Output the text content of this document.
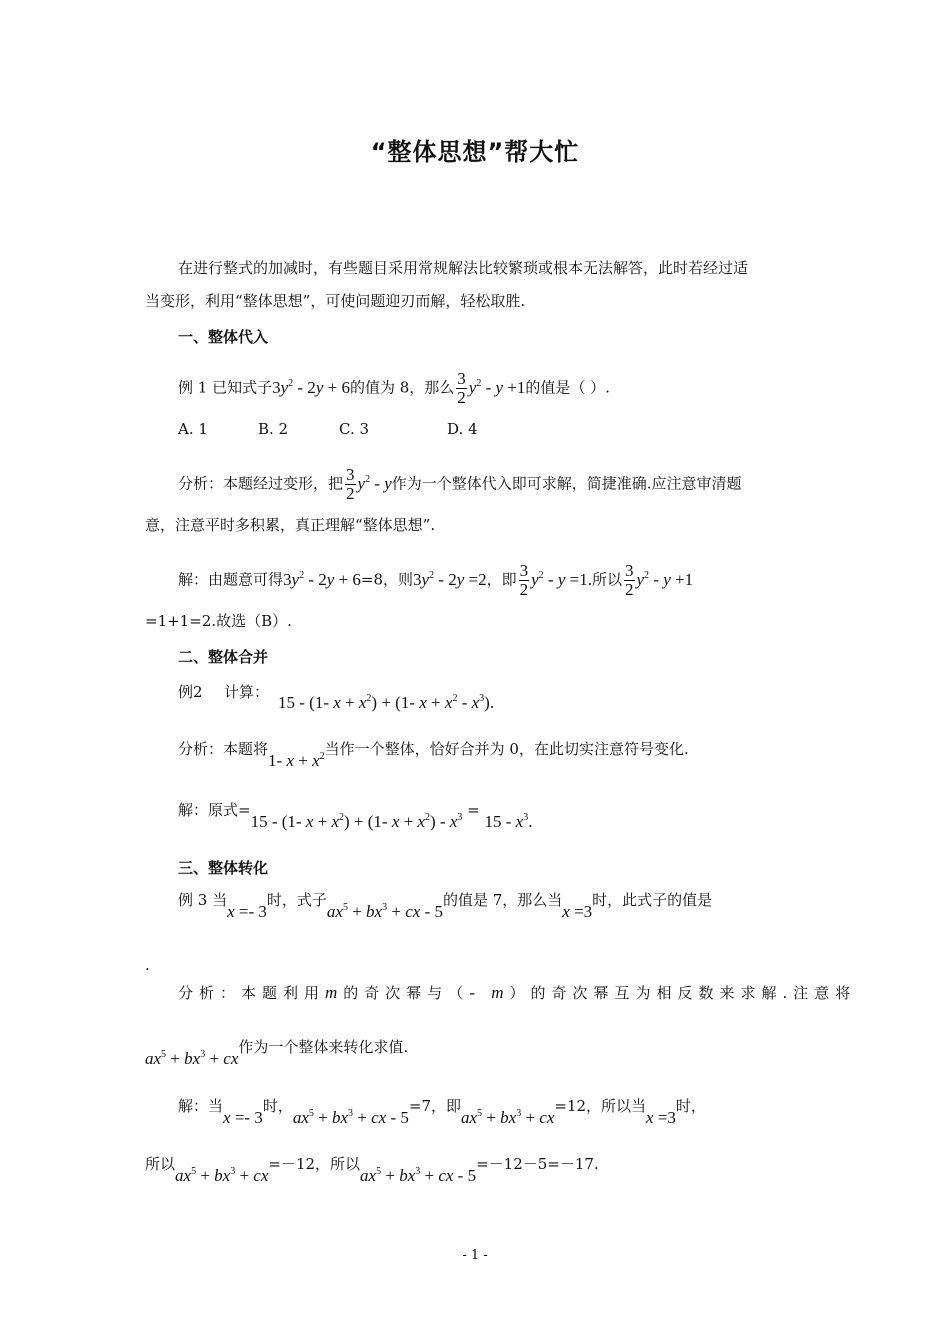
“整体思想”帮大忙
在进行整式的加减时，有些题目采用常规解法比较繁琐或根本无法解答，此时若经过适
当变形，利用“整体思想”，可使问题迎刃而解，轻松取胜.
一、整体代入
例 1 已知式子$3y^2 - 2y + 6$的值为 8，那么 $\frac{3}{2} y^2 - y +1$的值是（ ）.
A. 1	B. 2	C. 3	D. 4
分析：本题经过变形，把 $\frac{3}{2} y^2$ - y作为一个整体代入即可求解，简捷准确.应注意审清题
意，注意平时多积累，真正理解“整体思想”.
解：由题意可得$3y^2 - 2y + 6=8$，则$3y^2 - 2y =2$，即 $\frac{3}{2} y^2 - y =1$.所以 $\frac{3}{2} y^2 - y +1$
=1+1=2.故选（B）.
二、整体合并
例2 计算：
15 - (1- $x + x^2) + (1-$ $x + x^2 - x^3$).
分析：本题将1- $x + x^2$当作一个整体，恰好合并为 0，在此切实注意符号变化.
解：原式=15 - (1- $x + x^2) + (1-$ $x + x^2) - x^3 = 15 - x^3$.
三、整体转化
例 3 当x =- 3时，式子$ax^5 + bx^3$ + cx - 5的值是 7，那么当x =3时，此式子的值是
.
分析：本题利用m的奇次幂与（- m）的奇次幂互为相反数来求解.注意将
$ax^5 + bx^3$ + cx作为一个整体来转化求值.
解：当x =- 3时，$ax^5 + bx^3$ + cx - 5=7，即$ax^5 + bx^3 + cx=12$，所以当x =3时，
所以$ax^5 + bx^3 + cx=-12$，所以$ax^5 + bx^3$ + cx - 5=－12－5=－17.
- 1 -
